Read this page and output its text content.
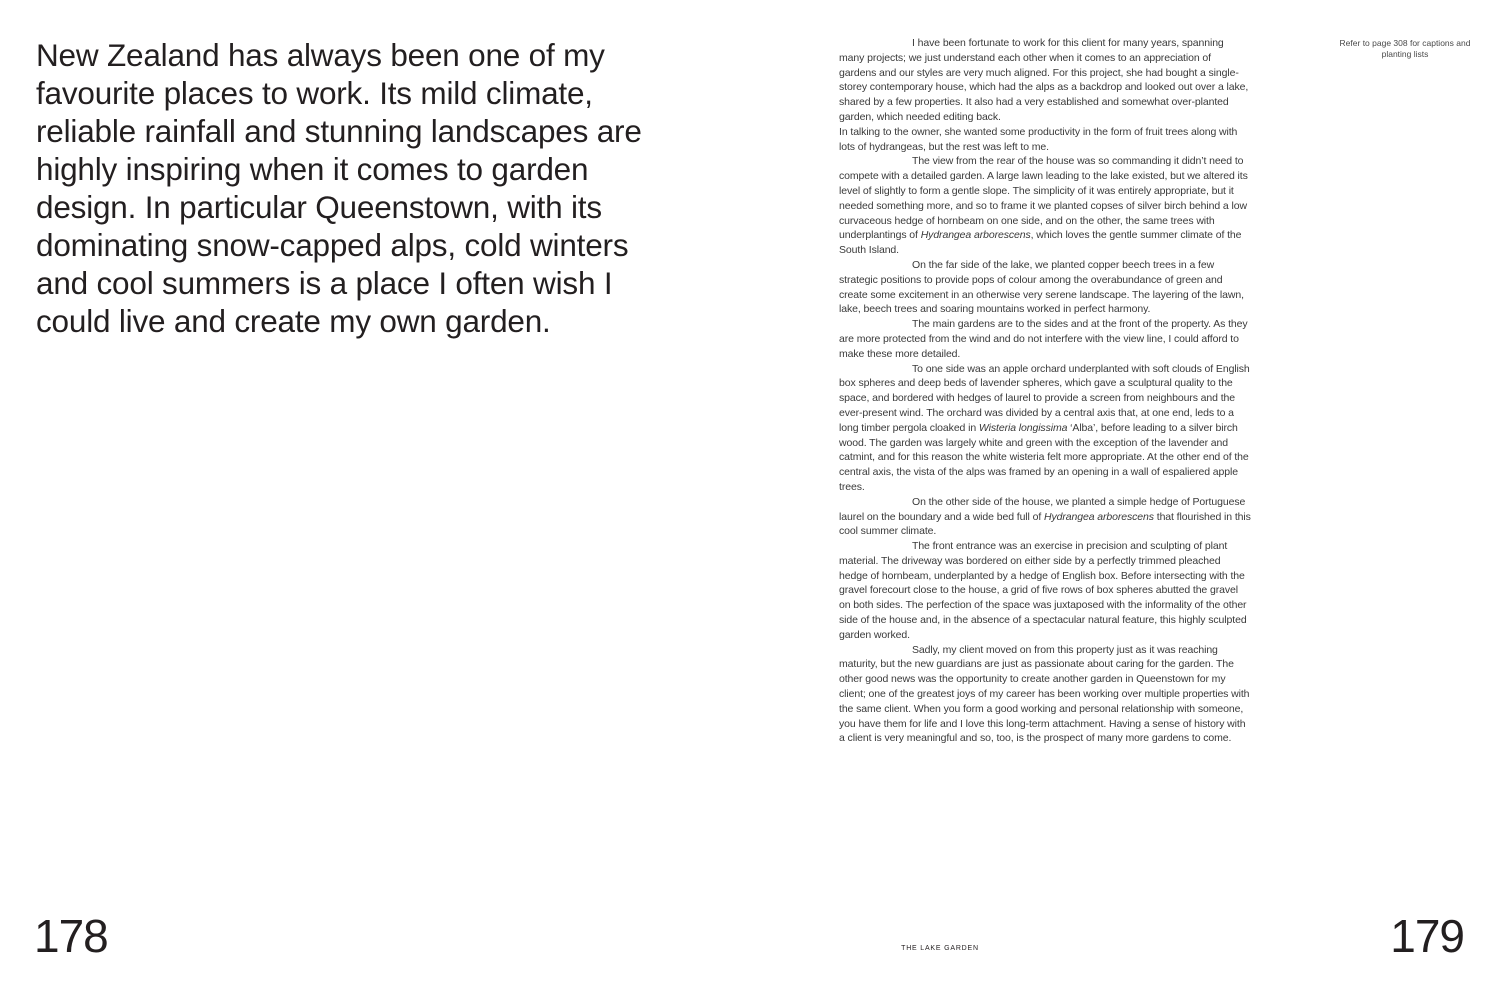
New Zealand has always been one of my favourite places to work. Its mild climate, reliable rainfall and stunning landscapes are highly inspiring when it comes to garden design. In particular Queenstown, with its dominating snow-capped alps, cold winters and cool summers is a place I often wish I could live and create my own garden.

I have been fortunate to work for this client for many years, spanning many projects; we just understand each other when it comes to an appreciation of gardens and our styles are very much aligned. For this project, she had bought a single-storey contemporary house, which had the alps as a backdrop and looked out over a lake, shared by a few properties. It also had a very established and somewhat over-planted garden, which needed editing back.

In talking to the owner, she wanted some productivity in the form of fruit trees along with lots of hydrangeas, but the rest was left to me.

The view from the rear of the house was so commanding it didn’t need to compete with a detailed garden. A large lawn leading to the lake existed, but we altered its level of slightly to form a gentle slope. The simplicity of it was entirely appropriate, but it needed something more, and so to frame it we planted copses of silver birch behind a low curvaceous hedge of hornbeam on one side, and on the other, the same trees with underplantings of Hydrangea arborescens, which loves the gentle summer climate of the South Island.

On the far side of the lake, we planted copper beech trees in a few strategic positions to provide pops of colour among the overabundance of green and create some excitement in an otherwise very serene landscape. The layering of the lawn, lake, beech trees and soaring mountains worked in perfect harmony.

The main gardens are to the sides and at the front of the property. As they are more protected from the wind and do not interfere with the view line, I could afford to make these more detailed.

To one side was an apple orchard underplanted with soft clouds of English box spheres and deep beds of lavender spheres, which gave a sculptural quality to the space, and bordered with hedges of laurel to provide a screen from neighbours and the ever-present wind. The orchard was divided by a central axis that, at one end, leds to a long timber pergola cloaked in Wisteria longissima ‘Alba’, before leading to a silver birch wood. The garden was largely white and green with the exception of the lavender and catmint, and for this reason the white wisteria felt more appropriate. At the other end of the central axis, the vista of the alps was framed by an opening in a wall of espaliered apple trees.

On the other side of the house, we planted a simple hedge of Portuguese laurel on the boundary and a wide bed full of Hydrangea arborescens that flourished in this cool summer climate.

The front entrance was an exercise in precision and sculpting of plant material. The driveway was bordered on either side by a perfectly trimmed pleached hedge of hornbeam, underplanted by a hedge of English box. Before intersecting with the gravel forecourt close to the house, a grid of five rows of box spheres abutted the gravel on both sides. The perfection of the space was juxtaposed with the informality of the other side of the house and, in the absence of a spectacular natural feature, this highly sculpted garden worked.

Sadly, my client moved on from this property just as it was reaching maturity, but the new guardians are just as passionate about caring for the garden. The other good news was the opportunity to create another garden in Queenstown for my client; one of the greatest joys of my career has been working over multiple properties with the same client. When you form a good working and personal relationship with someone, you have them for life and I love this long-term attachment. Having a sense of history with a client is very meaningful and so, too, is the prospect of many more gardens to come.

Refer to page 308 for captions and
planting lists
178	THE LAKE GARDEN	179
